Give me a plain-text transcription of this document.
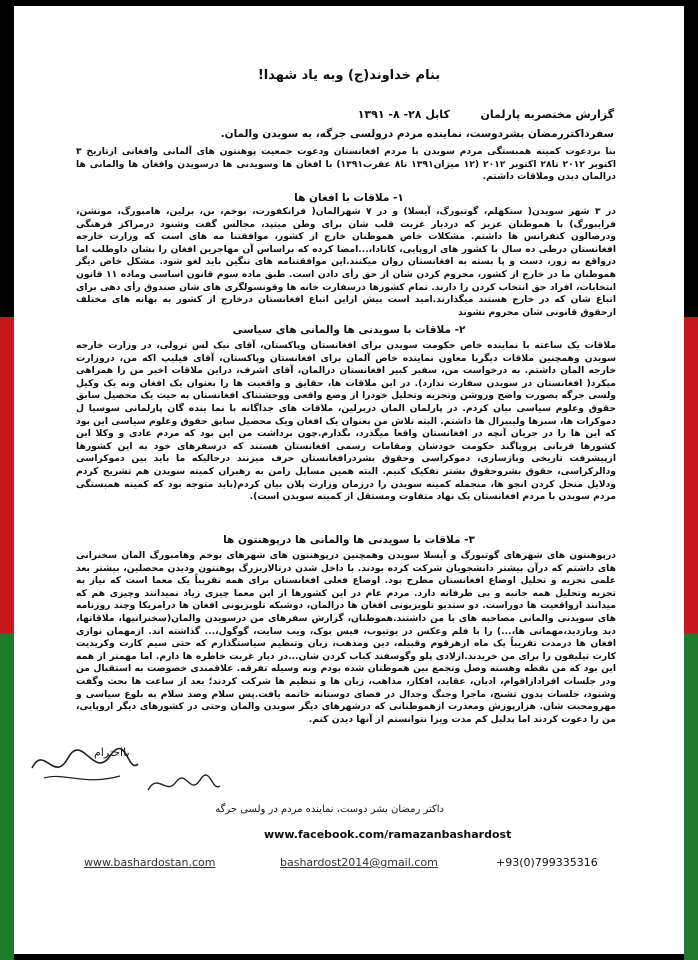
بنام خداوند(ج) وبه یاد شهدا!
گزارش مختصربه پارلمان        کابل ۲۸- ۸- ۱۳۹۱
سفرداکتررمضان بشردوست، نماینده مردم درولسی جرگه، به سویدن والمان.
بنا بردعوت کمیته همبستگی مردم سویدن با مردم افغانستان ودعوت جمعیت پوهنتون های آلمانی وافغانی ازتاریخ ۳ اکتوبر ۲۰۱۲ تا۲۸ اکتوبر ۲۰۱۲ (۱۲ میزان۱۳۹۱ تا۸ عقرب۱۳۹۱) با افغان ها وسویدنی ها درسویدن وافغان ها والمانی ها درالمان دیدن وملاقات داشتم.
۱- ملاقات با افغان ها
در ۳ شهر سویدن( ستکهلم، گوتبورگ، آیسلا) و در ۷ شهرالمان( فرانکفورت، بوخم، بن، برلین، هامبورگ، مونشن، فرایبورگ) با هموطنان عزیز که دردیار غربت قلب شان برای وطن میتپد، مجالس گفت وشنود درمراکز فرهنگی ودرصالون کنفرانس ها داشتم. مشکلات خاص هموطنان خارج از کشور، موافقتنا مه های است که وزارت خارجه افغانستان درطی ده سال با کشور های اروپایی، کانادا،...امضا کرده که براساس آن مهاجرین افغان را بشان داوطلب اما درواقع به زور، دست و پا بسته به افغانستان روان میکنند.این موافقتنامه های ننگین باید لغو شود. مشکل خاص دیگر هموطنان ما در خارج از کشور، محروم کردن شان از حق رأی دادن است. طبق ماده سوم قانون اساسی وماده ۱۱ قانون انتخابات، افراد حق انتخاب کردن را دارند. تمام کشورها درسفارت خانه ها وقونسولگری های شان صندوق رأی دهی برای اتباع شان که در خارج هستند میگذارند.امید است بیش ازاین اتباع افغانستان درخارج از کشور به بهانه های مختلف ازحقوق قانونی شان محروم نشوند
۲- ملاقات با سویدنی ها والمانی های سیاسی
ملاقات یک ساعته با نماینده خاص حکومت سویدن برای افغانستان وپاکستان، آقای نیک لس ترولی، در وزارت خارجه سویدن وهمچنین ملاقات دیگربا معاون نماینده خاص آلمان برای افغانستان وپاکستان، آقای فیلیپ اکه من، دروزارت خارجه المان داشتم. به درخواست من، سفیر کبیر افغانستان درالمان، آقای اشرف، دراین ملاقات اخیر من را همراهی میکرد( افغانستان در سویدن سفارت ندارد). در این ملاقات ها، حقایق و واقعیت ها را بعنوان یک افغان ونه یک وکیل ولسی جرگه بصورت واضح وروشن وتجزیه وتحلیل خودرا از وضع واقعی ووحشتناک افغانستان به حیث یک محصیل سابق حقوق وعلوم سیاسی بیان کردم. در پارلمان المان دربرلین، ملاقات های جداگانه با نما ینده گان پارلمانی سوسیا ل دموکرات ها، سبزها ولیبیرال ها داشتم. البته تلاش من بعنوان یک افغان ویک محصیل سابق حقوق وعلوم سیاسی این بود که این ها را در جریان آنچه در افغانستان واقعا میگذرد، بگذارم.چون برداشت من این بود که مردم عادی و وکلا این کشورها قربانی پروپاگند حکومت خودشان ومقامات رسمی افغانستان هستند که درسفرهای خود به این کشورها ازپیشرفت تاریخی وبازسازی، دموکراسی وحقوق بشردرافغانستان حرف میزنند درحالیکه ما باید بین دموکراسی ودالرکراسی، حقوق بشروحقوق بشتر تفکیک کنیم. البته همین مسایل رامن به رهبران کمیته سویدن هم تشریح کردم ودلایل منحل کردن انجو ها، منجمله کمیته سویدن را درزمان وزارت پلان بیان کردم(باید متوجه بود که کمیته همبستگی مردم سویدن با مردم افغانستان یک نهاد متفاوت ومستقل از کمیته سویدن است).
۳- ملاقات با سویدنی ها والمانی ها درپوهنتون ها
درپوهنتون های شهرهای گوتبورگ و آیسلا سویدن وهمچنین درپوهنتون های شهرهای بوخم وهامبورگ المان سخنرانی های داشتم که درآن بیشتر دانشجویان شرکت کرده بودند. با داخل شدن درتالاربزرگ پوهنتون ودیدن محصلین، بیشتر بعد علمی تجزیه و تحلیل اوضاع افغانستان مطرح بود. اوضاع فعلی افغانستان برای همه تقریباً یک معما است که نیاز به تجزیه وتحلیل همه جانبه و بی طرفانه دارد. مردم عام در این کشورها از این معما چیزی زیاد نمیدانند وچیزی هم که میدانند ازواقعیت ها دوراست. دو ستدیو تلویزیونی افغان ها درالمان، دوشبکه تلویزیونی افغان ها درامریکا وچند روزنامه های سویدنی والمانی مصاحبه های با من داشتند.هموطنان، گزارش سفرهای من درسویدن والمان(سخنرانیها، ملاقاتها، دید وبازدید،مهمانی ها،...) را با فلم وعکس در یوتیوب، فیس بوک، ویب سایت، گوگول،... گذاشته اند. ازمهمان نوازی افغان ها درمدت تقریباً یک ماه ازهرقوم وقبیله، دین ومذهب، زبان وتنظیم سیاستگذارم که حتی سیم کارت وکریدیت کارت تیلیفون را برای من خریدند.ازلادی پلو وگوسفند کباب کردن شان...در دیار غربت خاطره ها دارم. اما مهمتر از همه این بود که من نقطه وهسته وصل وتجمع بین هموطنان شده بودم ونه وسیله تفرقه. علاقمندی خصوصت به استقبال من ودر جلسات افرادازاقوام، ادیان، عقاید، افکار، مذاهب، زبان ها و تنظیم ها شرکت کردند؛ بعد از ساعت ها بحث وگفت وشنود، جلسات بدون تشنج، ماجرا وجنگ وجدال در فضای دوستانه خاتمه یافت.پس سلام وصد سلام به بلوغ سیاسی و مهرومحبت شان. هزارپوزش ومعذرت ازهموطنانی که درشهرهای دیگر سویدن والمان وحتی در کشورهای دیگر اروپایی، من را دعوت کردند اما بدلیل کم مدت ویزا نتوانستم از آنها دیدن کنم.
بااحترام
داکتر رمضان بشر دوست، نماینده مردم در ولسی جرگه
www.facebook.com/ramazanbashardost
www.bashardostan.com	bashardost2014@gmail.com	+93(0)799335316
